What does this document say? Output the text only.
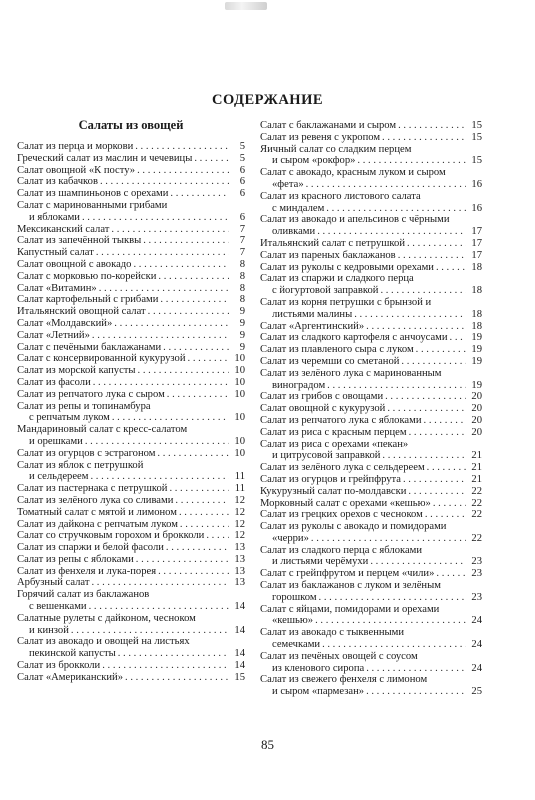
СОДЕРЖАНИЕ
Салаты из овощей
Салат из перца и моркови . . .	5
Греческий салат из маслин и чечевицы . . .	5
Салат овощной «К посту» . . .	6
Салат из кабачков . . .	6
Салат из шампиньонов с орехами . . .	6
Салат с маринованными грибами
и яблоками . . .	6
Мексиканский салат . . .	7
Салат из запечённой тыквы . . .	7
Капустный салат . . .	7
Салат овощной с авокадо . . .	8
Салат с морковью по-корейски . . .	8
Салат «Витамин» . . .	8
Салат картофельный с грибами . . .	8
Итальянский овощной салат . . .	9
Салат «Молдавский» . . .	9
Салат «Летний» . . .	9
Салат с печёными баклажанами . . .	9
Салат с консервированной кукурузой . . .	10
Салат из морской капусты . . .	10
Салат из фасоли . . .	10
Салат из репчатого лука с сыром . . .	10
Салат из репы и топинамбура
с репчатым луком . . .	10
Мандариновый салат с кресс-салатом
и орешками . . .	10
Салат из огурцов с эстрагоном . . .	10
Салат из яблок с петрушкой
и сельдереем . . .	11
Салат из пастернака с петрушкой . . .	11
Салат из зелёного лука со сливами . . .	12
Томатный салат с мятой и лимоном . . .	12
Салат из дайкона с репчатым луком . . .	12
Салат со стручковым горохом и брокколи . . .	12
Салат из спаржи и белой фасоли . . .	13
Салат из репы с яблоками . . .	13
Салат из фенхеля и лука-порея . . .	13
Арбузный салат . . .	13
Горячий салат из баклажанов
с вешенками . . .	14
Салатные рулеты с дайконом, чесноком
и кинзой . . .	14
Салат из авокадо и овощей на листьях
пекинской капусты . . .	14
Салат из брокколи . . .	14
Салат «Американский» . . .	15
Салат с баклажанами и сыром . . .	15
Салат из ревеня с укропом . . .	15
Яичный салат со сладким перцем
и сыром «рокфор» . . .	15
Салат с авокадо, красным луком и сыром
«фета» . . .	16
Салат из красного листового салата
с миндалем . . .	16
Салат из авокадо и апельсинов с чёрными
оливками . . .	17
Итальянский салат с петрушкой . . .	17
Салат из пареных баклажанов . . .	17
Салат из руколы с кедровыми орехами . . .	18
Салат из спаржи и сладкого перца
с йогуртовой заправкой . . .	18
Салат из корня петрушки с брынзой и
листьями малины . . .	18
Салат «Аргентинский» . . .	18
Салат из сладкого картофеля с анчоусами . . .	19
Салат из плавленого сыра с луком . . .	19
Салат из черемши со сметаной . . .	19
Салат из зелёного лука с маринованным
виноградом . . .	19
Салат из грибов с овощами . . .	20
Салат овощной с кукурузой . . .	20
Салат из репчатого лука с яблоками . . .	20
Салат из риса с красным перцем . . .	20
Салат из риса с орехами «пекан»
и цитрусовой заправкой . . .	21
Салат из зелёного лука с сельдереем . . .	21
Салат из огурцов и грейпфрута . . .	21
Кукурузный салат по-молдавски . . .	22
Морковный салат с орехами «кешью» . . .	22
Салат из грецких орехов с чесноком . . .	22
Салат из руколы с авокадо и помидорами
«черри» . . .	22
Салат из сладкого перца с яблоками
и листьями черёмухи . . .	23
Салат с грейпфрутом и перцем «чили» . . .	23
Салат из баклажанов с луком и зелёным
горошком . . .	23
Салат с яйцами, помидорами и орехами
«кешью» . . .	24
Салат из авокадо с тыквенными
семечками . . .	24
Салат из печёных овощей с соусом
из кленового сиропа . . .	24
Салат из свежего фенхеля с лимоном
и сыром «пармезан» . . .	25
85
